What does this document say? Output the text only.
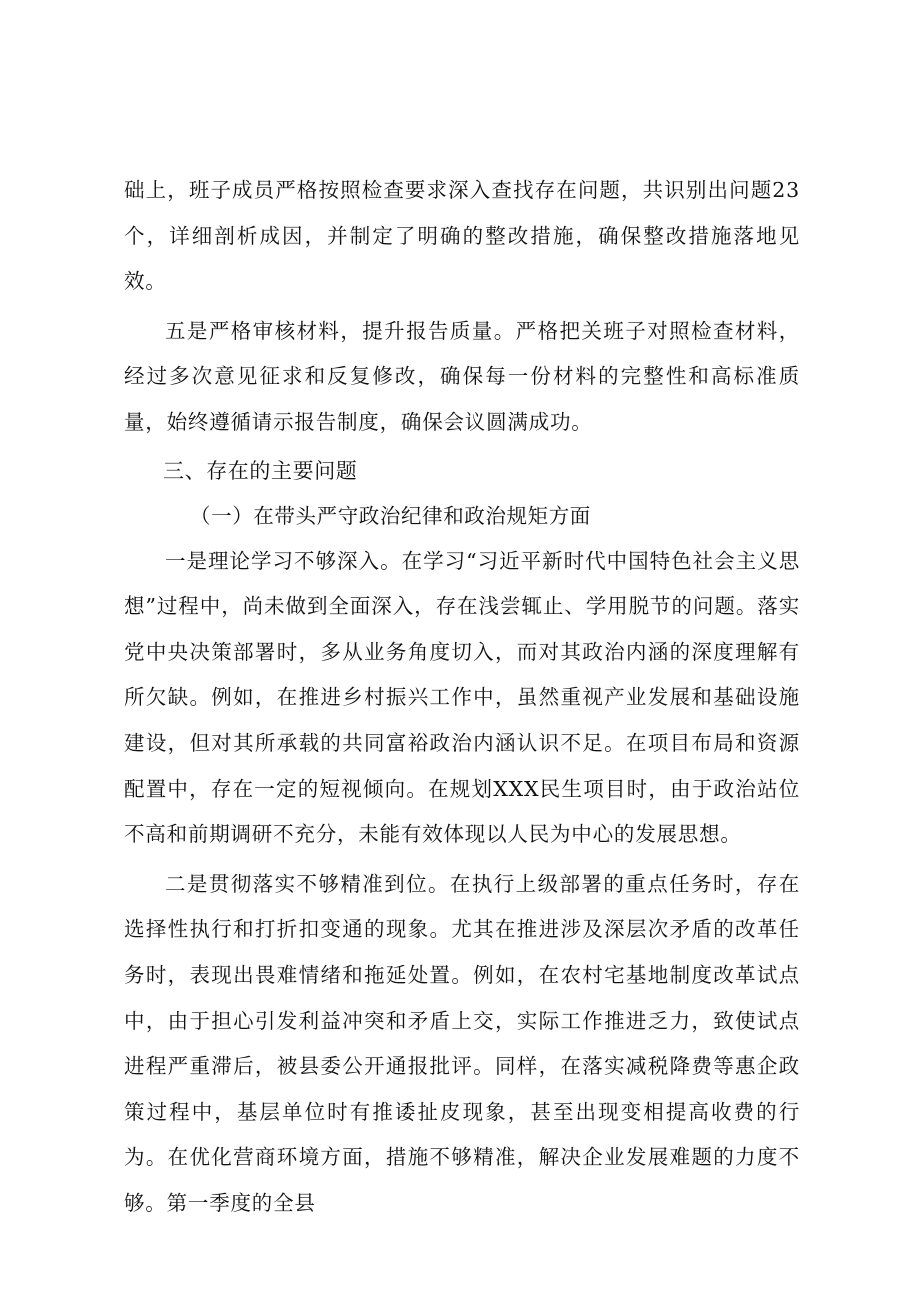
础上，班子成员严格按照检查要求深入查找存在问题，共识别出问题23个，详细剖析成因，并制定了明确的整改措施，确保整改措施落地见效。

五是严格审核材料，提升报告质量。严格把关班子对照检查材料，经过多次意见征求和反复修改，确保每一份材料的完整性和高标准质量，始终遵循请示报告制度，确保会议圆满成功。

三、存在的主要问题

（一）在带头严守政治纪律和政治规矩方面

一是理论学习不够深入。在学习“习近平新时代中国特色社会主义思想”过程中，尚未做到全面深入，存在浅尝辄止、学用脱节的问题。落实党中央决策部署时，多从业务角度切入，而对其政治内涵的深度理解有所欠缺。例如，在推进乡村振兴工作中，虽然重视产业发展和基础设施建设，但对其所承载的共同富裕政治内涵认识不足。在项目布局和资源配置中，存在一定的短视倾向。在规划XXX民生项目时，由于政治站位不高和前期调研不充分，未能有效体现以人民为中心的发展思想。

二是贯彻落实不够精准到位。在执行上级部署的重点任务时，存在选择性执行和打折扣变通的现象。尤其在推进涉及深层次矛盾的改革任务时，表现出畏难情绪和拖延处置。例如，在农村宅基地制度改革试点中，由于担心引发利益冲突和矛盾上交，实际工作推进乏力，致使试点进程严重滞后，被县委公开通报批评。同样，在落实减税降费等惠企政策过程中，基层单位时有推诿扯皮现象，甚至出现变相提高收费的行为。在优化营商环境方面，措施不够精准，解决企业发展难题的力度不够。第一季度的全县
